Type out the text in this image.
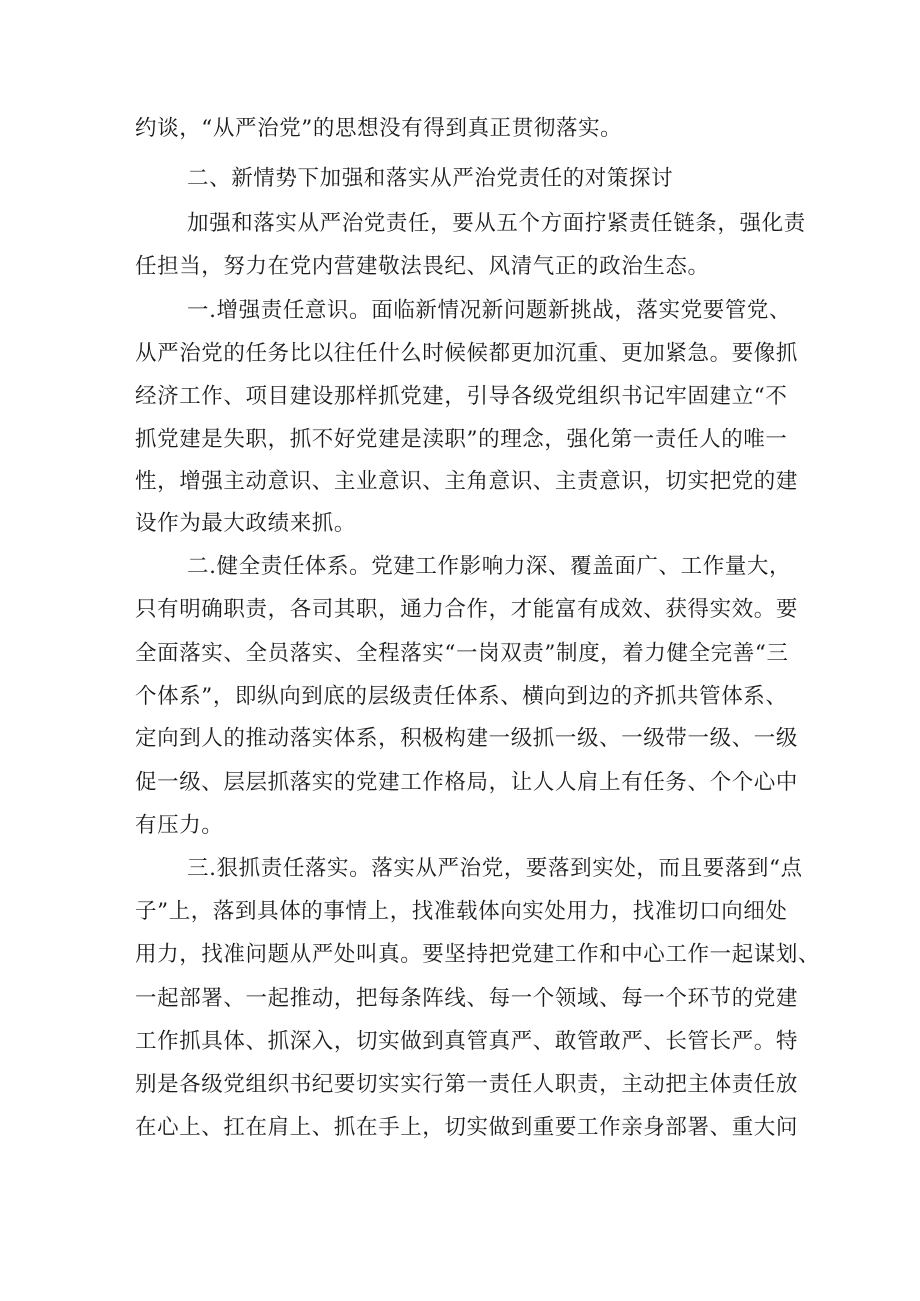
约谈，“从严治党”的思想没有得到真正贯彻落实。
二、新情势下加强和落实从严治党责任的对策探讨
加强和落实从严治党责任，要从五个方面拧紧责任链条，强化责
任担当，努力在党内营建敬法畏纪、风清气正的政治生态。
一.增强责任意识。面临新情况新问题新挑战，落实党要管党、
从严治党的任务比以往任什么时候候都更加沉重、更加紧急。要像抓
经济工作、项目建设那样抓党建，引导各级党组织书记牢固建立“不
抓党建是失职，抓不好党建是渎职”的理念，强化第一责任人的唯一
性，增强主动意识、主业意识、主角意识、主责意识，切实把党的建
设作为最大政绩来抓。
二.健全责任体系。党建工作影响力深、覆盖面广、工作量大，
只有明确职责，各司其职，通力合作，才能富有成效、获得实效。要
全面落实、全员落实、全程落实“一岗双责”制度，着力健全完善“三
个体系”，即纵向到底的层级责任体系、横向到边的齐抓共管体系、
定向到人的推动落实体系，积极构建一级抓一级、一级带一级、一级
促一级、层层抓落实的党建工作格局，让人人肩上有任务、个个心中
有压力。
三.狠抓责任落实。落实从严治党，要落到实处，而且要落到“点
子”上，落到具体的事情上，找准载体向实处用力，找准切口向细处
用力，找准问题从严处叫真。要坚持把党建工作和中心工作一起谋划、
一起部署、一起推动，把每条阵线、每一个领域、每一个环节的党建
工作抓具体、抓深入，切实做到真管真严、敢管敢严、长管长严。特
别是各级党组织书纪要切实实行第一责任人职责，主动把主体责任放
在心上、扛在肩上、抓在手上，切实做到重要工作亲身部署、重大问
